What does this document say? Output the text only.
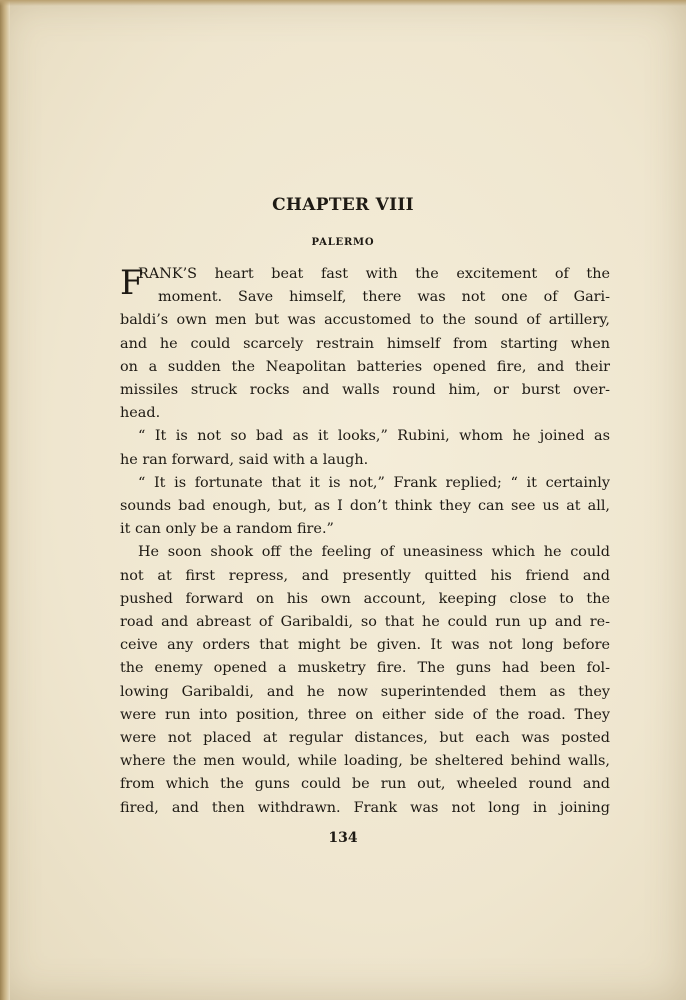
CHAPTER VIII
PALERMO

F
RANK’S heart beat fast with the excitement of the
moment. Save himself, there was not one of Gari-
baldi’s own men but was accustomed to the sound of artillery,
and he could scarcely restrain himself from starting when
on a sudden the Neapolitan batteries opened fire, and their
missiles struck rocks and walls round him, or burst over-
head.

“ It is not so bad as it looks,” Rubini, whom he joined as
he ran forward, said with a laugh.

“ It is fortunate that it is not,” Frank replied; “ it certainly
sounds bad enough, but, as I don’t think they can see us at all,
it can only be a random fire.”

He soon shook off the feeling of uneasiness which he could
not at first repress, and presently quitted his friend and
pushed forward on his own account, keeping close to the
road and abreast of Garibaldi, so that he could run up and re-
ceive any orders that might be given. It was not long before
the enemy opened a musketry fire. The guns had been fol-
lowing Garibaldi, and he now superintended them as they
were run into position, three on either side of the road. They
were not placed at regular distances, but each was posted
where the men would, while loading, be sheltered behind walls,
from which the guns could be run out, wheeled round and
fired, and then withdrawn. Frank was not long in joining

134
